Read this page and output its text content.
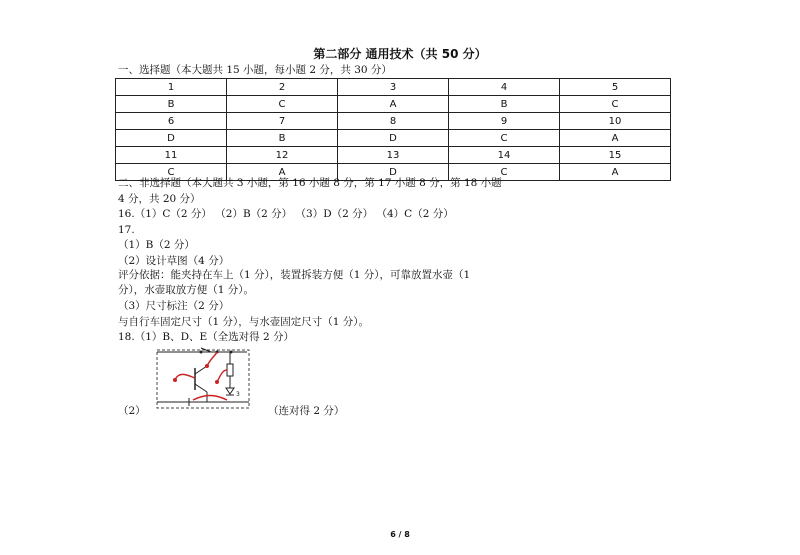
第二部分 通用技术（共 50 分）
一、选择题（本大题共 15 小题，每小题 2 分，共 30 分）
1	2	3	4	5
B	C	A	B	C
6	7	8	9	10
D	B	D	C	A
11	12	13	14	15
C	A	D	C	A
二、非选择题（本大题共 3 小题，第 16 小题 8 分，第 17 小题 8 分，第 18 小题
4 分，共 20 分）
16.（1）C（2 分） （2）B（2 分） （3）D（2 分） （4）C（2 分）
17.
（1）B（2 分）
（2）设计草图（4 分）
评分依据：能夹持在车上（1 分），装置拆装方便（1 分），可靠放置水壶（1
分），水壶取放方便（1 分）。
（3）尺寸标注（2 分）
与自行车固定尺寸（1 分），与水壶固定尺寸（1 分）。
18.（1）B、D、E（全选对得 2 分）
（2）	（连对得 2 分）
3
6 / 8
